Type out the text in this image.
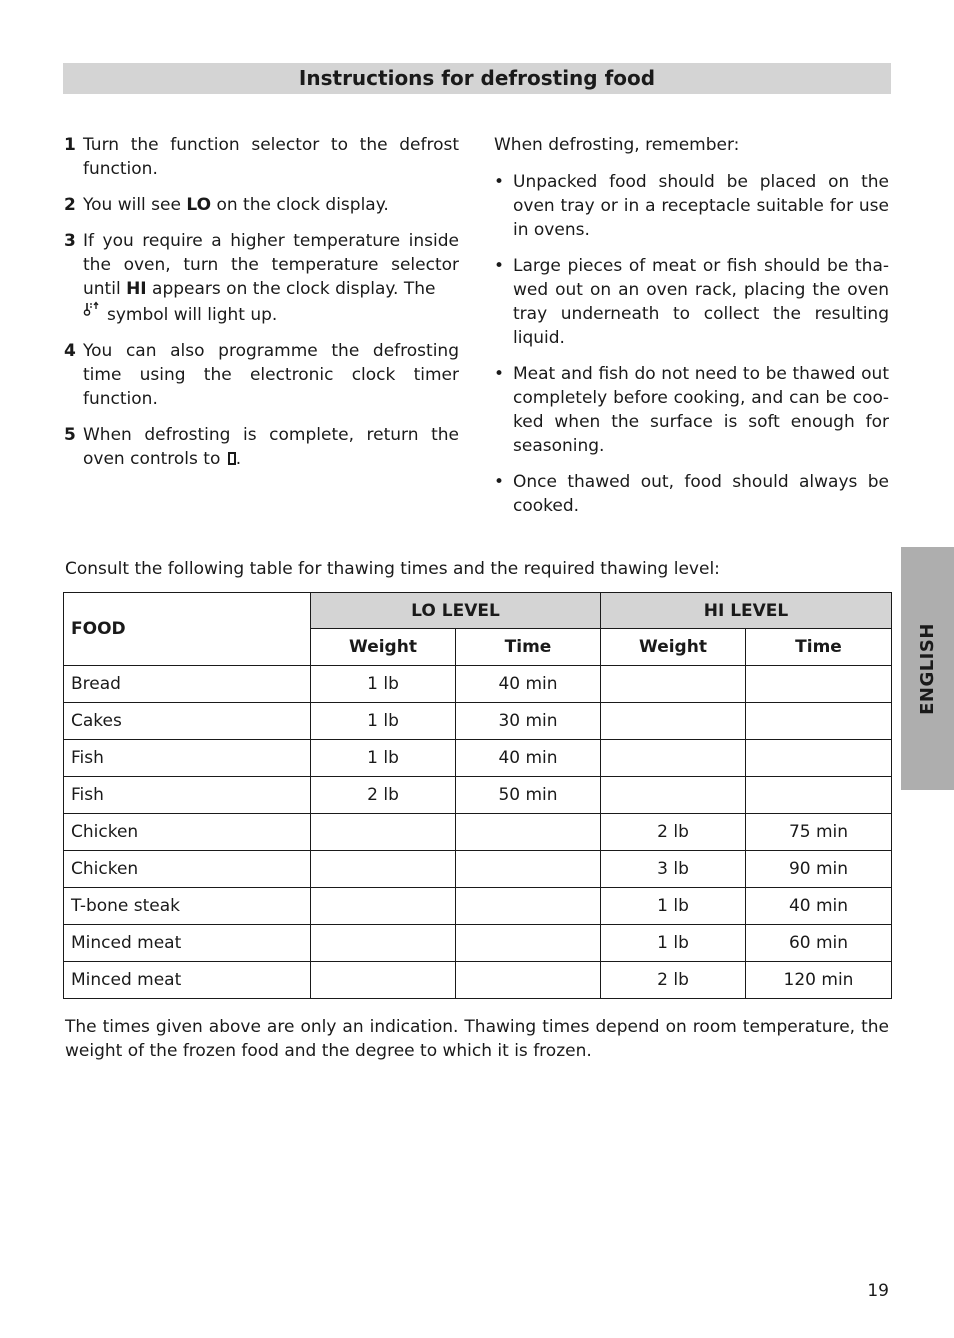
Instructions for defrosting food
1 Turn the function selector to the defrost function.
2 You will see LO on the clock display.
3 If you require a higher temperature inside the oven, turn the temperature selector until HI appears on the clock display. The
symbol will light up.
4 You can also programme the defrosting time using the electronic clock timer function.
5 When defrosting is complete, return the oven controls to .
When defrosting, remember:
• Unpacked food should be placed on the oven tray or in a receptacle suitable for use in ovens.
• Large pieces of meat or fish should be thawed out on an oven rack, placing the oven tray underneath to collect the resulting liquid.
• Meat and fish do not need to be thawed out completely before cooking, and can be cooked when the surface is soft enough for seasoning.
• Once thawed out, food should always be cooked.
Consult the following table for thawing times and the required thawing level:
FOOD	LO LEVEL		HI LEVEL	
	Weight	Time	Weight	Time
Bread	1 lb	40 min		
Cakes	1 lb	30 min		
Fish	1 lb	40 min		
Fish	2 lb	50 min		
Chicken			2 lb	75 min
Chicken			3 lb	90 min
T-bone steak			1 lb	40 min
Minced meat			1 lb	60 min
Minced meat			2 lb	120 min
The times given above are only an indication. Thawing times depend on room temperature, the weight of the frozen food and the degree to which it is frozen.
ENGLISH
19
